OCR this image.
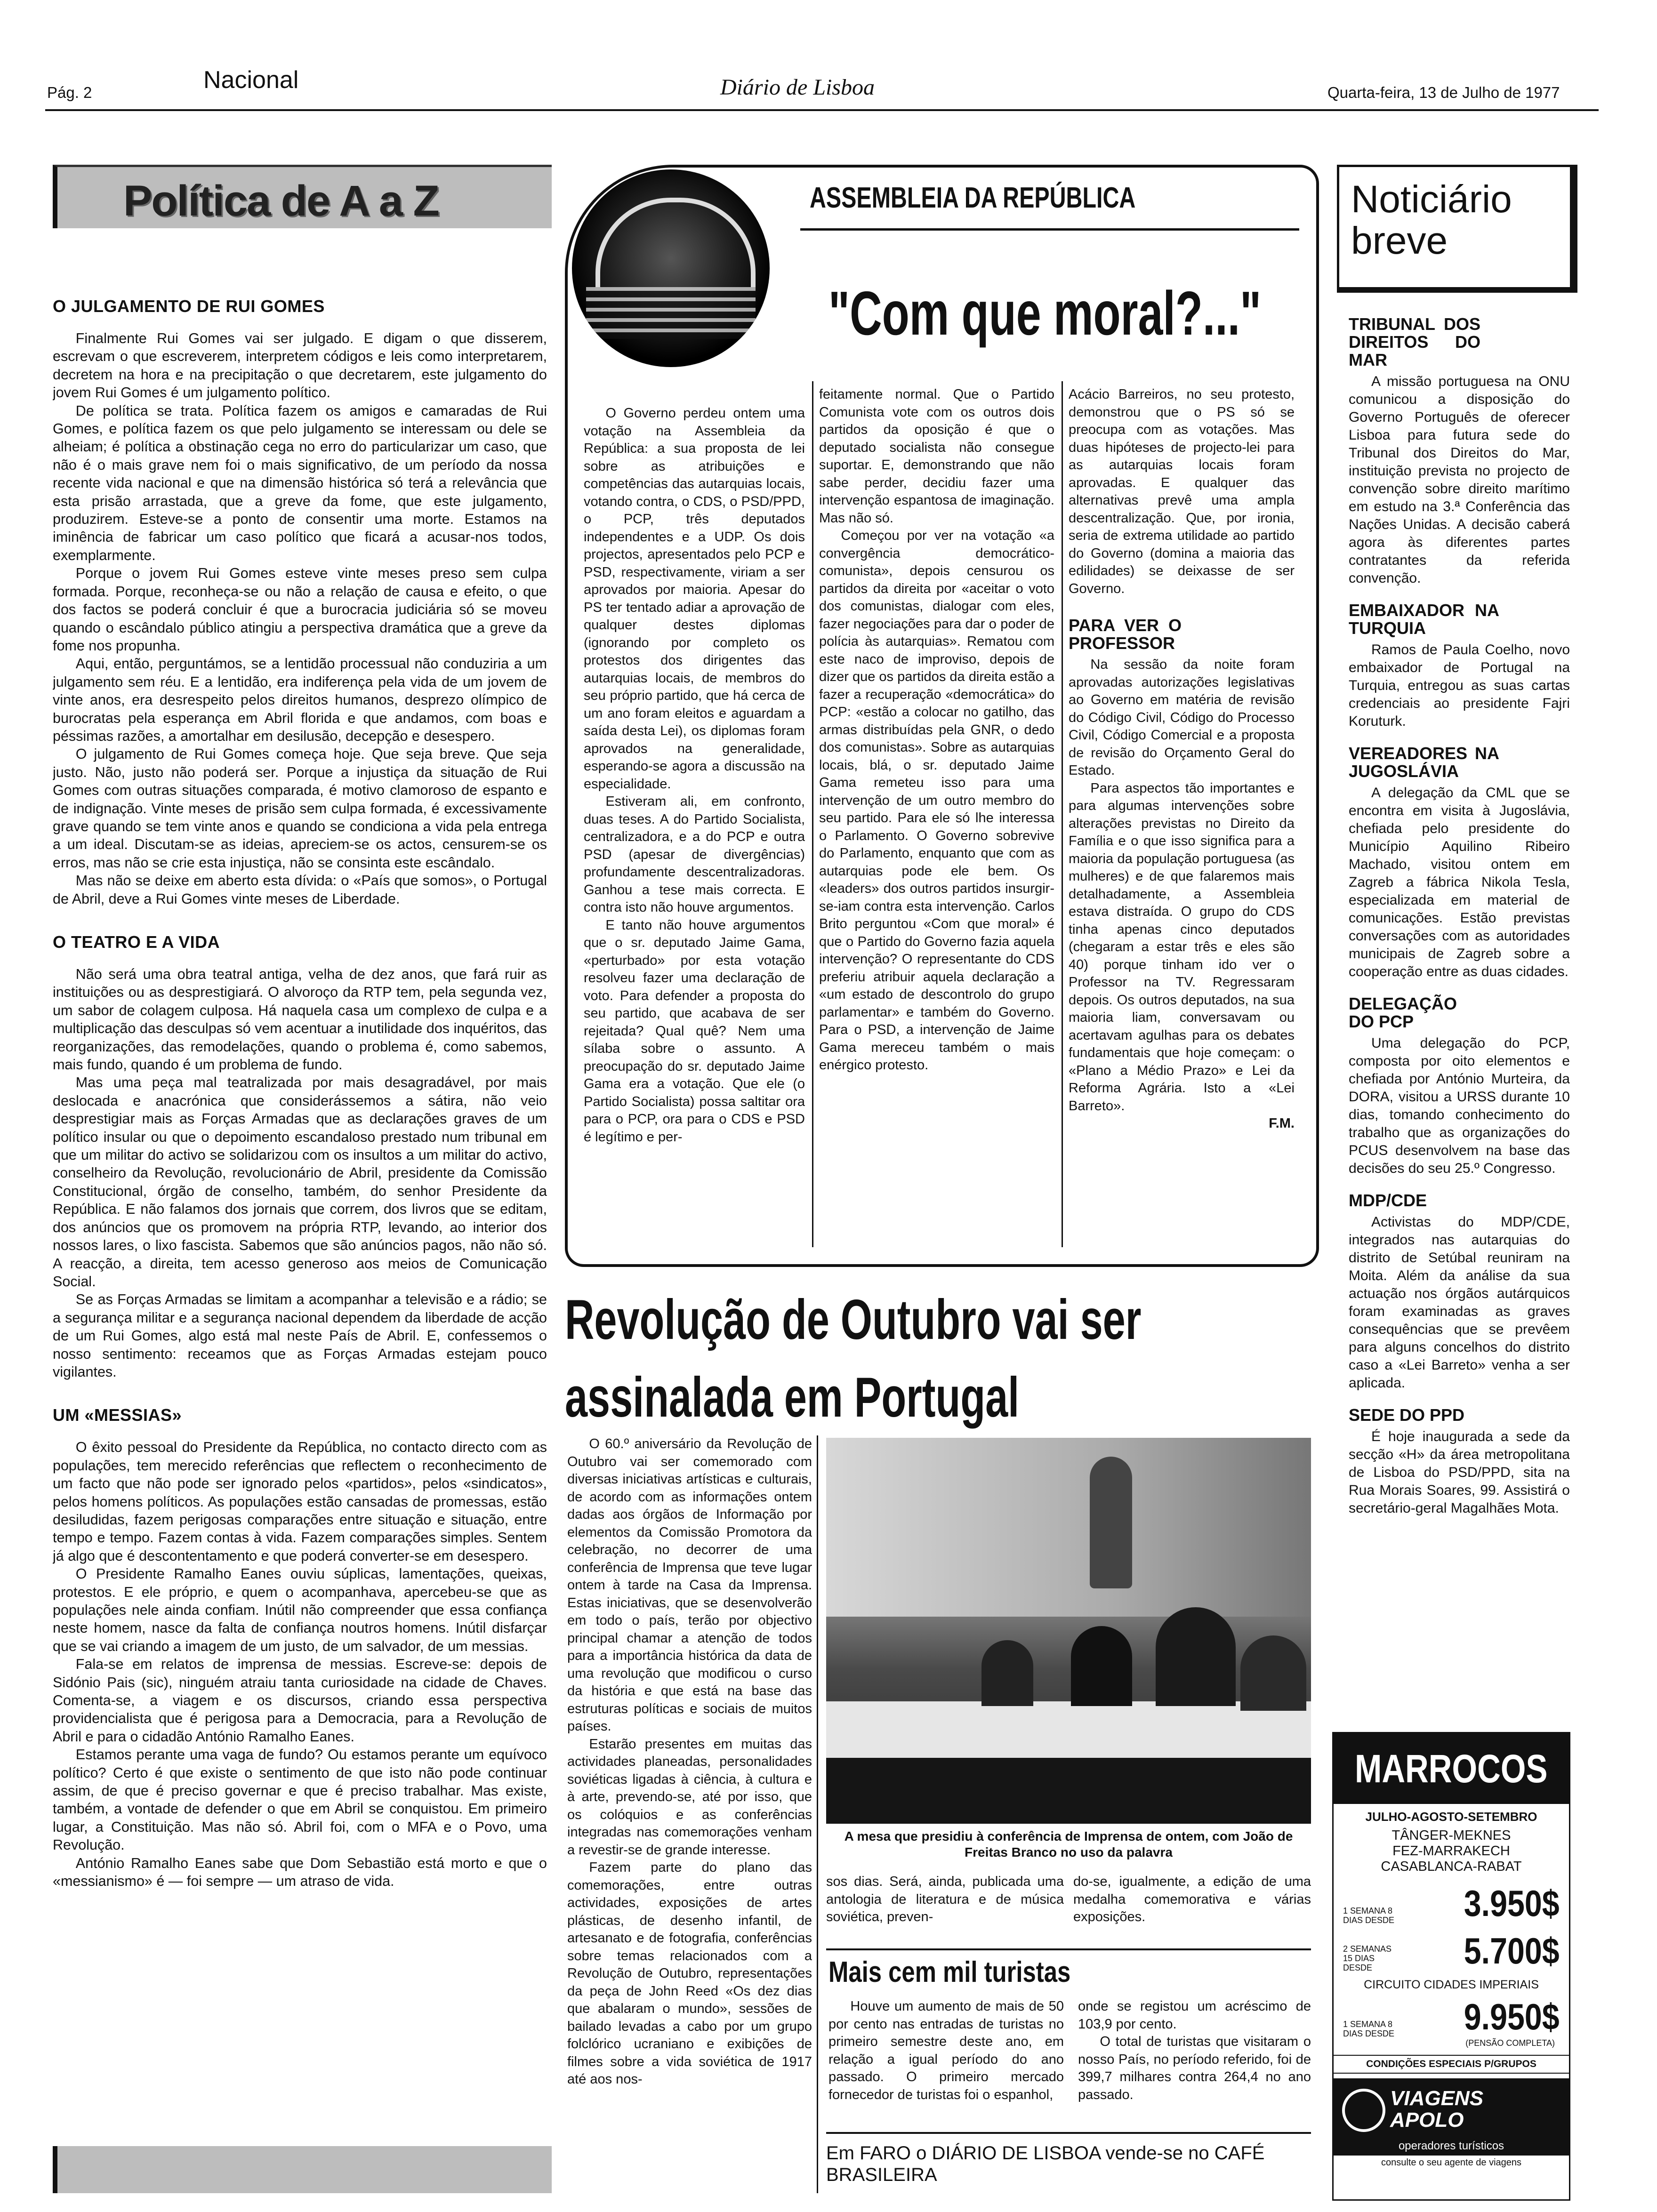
Pág. 2	Nacional	Diário de Lisboa	Quarta-feira, 13 de Julho de 1977
Política de A a Z
O JULGAMENTO DE RUI GOMES

Finalmente Rui Gomes vai ser julgado. E digam o que disserem, escrevam o que escreverem, interpretem códigos e leis como interpretarem, decretem na hora e na precipitação o que decretarem, este julgamento do jovem Rui Gomes é um julgamento político.

De política se trata. Política fazem os amigos e camaradas de Rui Gomes, e política fazem os que pelo julgamento se interessam ou dele se alheiam; é política a obstinação cega no erro do particularizar um caso, que não é o mais grave nem foi o mais significativo, de um período da nossa recente vida nacional e que na dimensão histórica só terá a relevância que esta prisão arrastada, que a greve da fome, que este julgamento, produzirem. Esteve-se a ponto de consentir uma morte. Estamos na iminência de fabricar um caso político que ficará a acusar-nos todos, exemplarmente.

Porque o jovem Rui Gomes esteve vinte meses preso sem culpa formada. Porque, reconheça-se ou não a relação de causa e efeito, o que dos factos se poderá concluir é que a burocracia judiciária só se moveu quando o escândalo público atingiu a perspectiva dramática que a greve da fome nos propunha.

Aqui, então, perguntámos, se a lentidão processual não conduziria a um julgamento sem réu. E a lentidão, era indiferença pela vida de um jovem de vinte anos, era desrespeito pelos direitos humanos, desprezo olímpico de burocratas pela esperança em Abril florida e que andamos, com boas e péssimas razões, a amortalhar em desilusão, decepção e desespero.

O julgamento de Rui Gomes começa hoje. Que seja breve. Que seja justo. Não, justo não poderá ser. Porque a injustiça da situação de Rui Gomes com outras situações comparada, é motivo clamoroso de espanto e de indignação. Vinte meses de prisão sem culpa formada, é excessivamente grave quando se tem vinte anos e quando se condiciona a vida pela entrega a um ideal. Discutam-se as ideias, apreciem-se os actos, censurem-se os erros, mas não se crie esta injustiça, não se consinta este escândalo.

Mas não se deixe em aberto esta dívida: o «País que somos», o Portugal de Abril, deve a Rui Gomes vinte meses de Liberdade.

O TEATRO E A VIDA

Não será uma obra teatral antiga, velha de dez anos, que fará ruir as instituições ou as desprestigiará. O alvoroço da RTP tem, pela segunda vez, um sabor de colagem culposa. Há naquela casa um complexo de culpa e a multiplicação das desculpas só vem acentuar a inutilidade dos inquéritos, das reorganizações, das remodelações, quando o problema é, como sabemos, mais fundo, quando é um problema de fundo.

Mas uma peça mal teatralizada por mais desagradável, por mais deslocada e anacrónica que considerássemos a sátira, não veio desprestigiar mais as Forças Armadas que as declarações graves de um político insular ou que o depoimento escandaloso prestado num tribunal em que um militar do activo se solidarizou com os insultos a um militar do activo, conselheiro da Revolução, revolucionário de Abril, presidente da Comissão Constitucional, órgão de conselho, também, do senhor Presidente da República. E não falamos dos jornais que correm, dos livros que se editam, dos anúncios que os promovem na própria RTP, levando, ao interior dos nossos lares, o lixo fascista. Sabemos que são anúncios pagos, não não só. A reacção, a direita, tem acesso generoso aos meios de Comunicação Social.

Se as Forças Armadas se limitam a acompanhar a televisão e a rádio; se a segurança militar e a segurança nacional dependem da liberdade de acção de um Rui Gomes, algo está mal neste País de Abril. E, confessemos o nosso sentimento: receamos que as Forças Armadas estejam pouco vigilantes.

UM «MESSIAS»

O êxito pessoal do Presidente da República, no contacto directo com as populações, tem merecido referências que reflectem o reconhecimento de um facto que não pode ser ignorado pelos «partidos», pelos «sindicatos», pelos homens políticos. As populações estão cansadas de promessas, estão desiludidas, fazem perigosas comparações entre situação e situação, entre tempo e tempo. Fazem contas à vida. Fazem comparações simples. Sentem já algo que é descontentamento e que poderá converter-se em desespero.

O Presidente Ramalho Eanes ouviu súplicas, lamentações, queixas, protestos. E ele próprio, e quem o acompanhava, apercebeu-se que as populações nele ainda confiam. Inútil não compreender que essa confiança neste homem, nasce da falta de confiança noutros homens. Inútil disfarçar que se vai criando a imagem de um justo, de um salvador, de um messias.

Fala-se em relatos de imprensa de messias. Escreve-se: depois de Sidónio Pais (sic), ninguém atraiu tanta curiosidade na cidade de Chaves. Comenta-se, a viagem e os discursos, criando essa perspectiva providencialista que é perigosa para a Democracia, para a Revolução de Abril e para o cidadão António Ramalho Eanes.

Estamos perante uma vaga de fundo? Ou estamos perante um equívoco político? Certo é que existe o sentimento de que isto não pode continuar assim, de que é preciso governar e que é preciso trabalhar. Mas existe, também, a vontade de defender o que em Abril se conquistou. Em primeiro lugar, a Constituição. Mas não só. Abril foi, com o MFA e o Povo, uma Revolução.

António Ramalho Eanes sabe que Dom Sebastião está morto e que o «messianismo» é — foi sempre — um atraso de vida.

ASSEMBLEIA DA REPÚBLICA
"Com que moral?..."

O Governo perdeu ontem uma votação na Assembleia da República: a sua proposta de lei sobre as atribuições e competências das autarquias locais, votando contra, o CDS, o PSD/PPD, o PCP, três deputados independentes e a UDP. Os dois projectos, apresentados pelo PCP e PSD, respectivamente, viriam a ser aprovados por maioria. Apesar do PS ter tentado adiar a aprovação de qualquer destes diplomas (ignorando por completo os protestos dos dirigentes das autarquias locais, de membros do seu próprio partido, que há cerca de um ano foram eleitos e aguardam a saída desta Lei), os diplomas foram aprovados na generalidade, esperando-se agora a discussão na especialidade.

Estiveram ali, em confronto, duas teses. A do Partido Socialista, centralizadora, e a do PCP e outra PSD (apesar de divergências) profundamente descentralizadoras. Ganhou a tese mais correcta. E contra isto não houve argumentos.

E tanto não houve argumentos que o sr. deputado Jaime Gama, «perturbado» por esta votação resolveu fazer uma declaração de voto. Para defender a proposta do seu partido, que acabava de ser rejeitada? Qual quê? Nem uma sílaba sobre o assunto. A preocupação do sr. deputado Jaime Gama era a votação. Que ele (o Partido Socialista) possa saltitar ora para o PCP, ora para o CDS e PSD é legítimo e per-

feitamente normal. Que o Partido Comunista vote com os outros dois partidos da oposição é que o deputado socialista não consegue suportar. E, demonstrando que não sabe perder, decidiu fazer uma intervenção espantosa de imaginação. Mas não só.

Começou por ver na votação «a convergência democrático-comunista», depois censurou os partidos da direita por «aceitar o voto dos comunistas, dialogar com eles, fazer negociações para dar o poder de polícia às autarquias». Rematou com este naco de improviso, depois de dizer que os partidos da direita estão a fazer a recuperação «democrática» do PCP: «estão a colocar no gatilho, das armas distribuídas pela GNR, o dedo dos comunistas». Sobre as autarquias locais, blá, o sr. deputado Jaime Gama remeteu isso para uma intervenção de um outro membro do seu partido. Para ele só lhe interessa o Parlamento. O Governo sobrevive do Parlamento, enquanto que com as autarquias pode ele bem. Os «leaders» dos outros partidos insurgir-se-iam contra esta intervenção. Carlos Brito perguntou «Com que moral» é que o Partido do Governo fazia aquela intervenção? O representante do CDS preferiu atribuir aquela declaração a «um estado de descontrolo do grupo parlamentar» e também do Governo. Para o PSD, a intervenção de Jaime Gama mereceu também o mais enérgico protesto.

Acácio Barreiros, no seu protesto, demonstrou que o PS só se preocupa com as votações. Mas duas hipóteses de projecto-lei para as autarquias locais foram aprovadas. E qualquer das alternativas prevê uma ampla descentralização. Que, por ironia, seria de extrema utilidade ao partido do Governo (domina a maioria das edilidades) se deixasse de ser Governo.

PARA VER O PROFESSOR

Na sessão da noite foram aprovadas autorizações legislativas ao Governo em matéria de revisão do Código Civil, Código do Processo Civil, Código Comercial e a proposta de revisão do Orçamento Geral do Estado.

Para aspectos tão importantes e para algumas intervenções sobre alterações previstas no Direito da Família e o que isso significa para a maioria da população portuguesa (as mulheres) e de que falaremos mais detalhadamente, a Assembleia estava distraída. O grupo do CDS tinha apenas cinco deputados (chegaram a estar três e eles são 40) porque tinham ido ver o Professor na TV. Regressaram depois. Os outros deputados, na sua maioria liam, conversavam ou acertavam agulhas para os debates fundamentais que hoje começam: o «Plano a Médio Prazo» e Lei da Reforma Agrária. Isto a «Lei Barreto».

F.M.
Revolução de Outubro vai ser
assinalada em Portugal

O 60.º aniversário da Revolução de Outubro vai ser comemorado com diversas iniciativas artísticas e culturais, de acordo com as informações ontem dadas aos órgãos de Informação por elementos da Comissão Promotora da celebração, no decorrer de uma conferência de Imprensa que teve lugar ontem à tarde na Casa da Imprensa. Estas iniciativas, que se desenvolverão em todo o país, terão por objectivo principal chamar a atenção de todos para a importância histórica da data de uma revolução que modificou o curso da história e que está na base das estruturas políticas e sociais de muitos países.

Estarão presentes em muitas das actividades planeadas, personalidades soviéticas ligadas à ciência, à cultura e à arte, prevendo-se, até por isso, que os colóquios e as conferências integradas nas comemorações venham a revestir-se de grande interesse.

Fazem parte do plano das comemorações, entre outras actividades, exposições de artes plásticas, de desenho infantil, de artesanato e de fotografia, conferências sobre temas relacionados com a Revolução de Outubro, representações da peça de John Reed «Os dez dias que abalaram o mundo», sessões de bailado levadas a cabo por um grupo folclórico ucraniano e exibições de filmes sobre a vida soviética de 1917 até aos nos-

A mesa que presidiu à conferência de Imprensa de ontem, com João de Freitas Branco no uso da palavra

sos dias. Será, ainda, publicada uma antologia de literatura e de música soviética, preven-

do-se, igualmente, a edição de uma medalha comemorativa e várias exposições.

Mais cem mil turistas

Houve um aumento de mais de 50 por cento nas entradas de turistas no primeiro semestre deste ano, em relação a igual período do ano passado. O primeiro mercado fornecedor de turistas foi o espanhol,

onde se registou um acréscimo de 103,9 por cento.

O total de turistas que visitaram o nosso País, no período referido, foi de 399,7 milhares contra 264,4 no ano passado.

Em FARO o DIÁRIO DE LISBOA vende-se no CAFÉ BRASILEIRA
Noticiário
breve
TRIBUNAL DOS DIREITOS DO MAR

A missão portuguesa na ONU comunicou a disposição do Governo Português de oferecer Lisboa para futura sede do Tribunal dos Direitos do Mar, instituição prevista no projecto de convenção sobre direito marítimo em estudo na 3.ª Conferência das Nações Unidas. A decisão caberá agora às diferentes partes contratantes da referida convenção.

EMBAIXADOR NA TURQUIA

Ramos de Paula Coelho, novo embaixador de Portugal na Turquia, entregou as suas cartas credenciais ao presidente Fajri Koruturk.

VEREADORES NA JUGOSLÁVIA

A delegação da CML que se encontra em visita à Jugoslávia, chefiada pelo presidente do Município Aquilino Ribeiro Machado, visitou ontem em Zagreb a fábrica Nikola Tesla, especializada em material de comunicações. Estão previstas conversações com as autoridades municipais de Zagreb sobre a cooperação entre as duas cidades.

DELEGAÇÃO DO PCP

Uma delegação do PCP, composta por oito elementos e chefiada por António Murteira, da DORA, visitou a URSS durante 10 dias, tomando conhecimento do trabalho que as organizações do PCUS desenvolvem na base das decisões do seu 25.º Congresso.

MDP/CDE

Activistas do MDP/CDE, integrados nas autarquias do distrito de Setúbal reuniram na Moita. Além da análise da sua actuação nos órgãos autárquicos foram examinadas as graves consequências que se prevêem para alguns concelhos do distrito caso a «Lei Barreto» venha a ser aplicada.

SEDE DO PPD

É hoje inaugurada a sede da secção «H» da área metropolitana de Lisboa do PSD/PPD, sita na Rua Morais Soares, 99. Assistirá o secretário-geral Magalhães Mota.

MARROCOS
JULHO-AGOSTO-SETEMBRO
TÂNGER-MEKNES
FEZ-MARRAKECH
CASABLANCA-RABAT
1 SEMANA 8 DIAS DESDE 3.950$
2 SEMANAS 15 DIAS DESDE	5.700$
CIRCUITO CIDADES IMPERIAIS
1 SEMANA 8 DIAS DESDE 9.950$
(PENSÃO COMPLETA)
CONDIÇÕES ESPECIAIS P/GRUPOS
VIAGENS APOLO
operadores turísticos
consulte o seu agente de viagens
